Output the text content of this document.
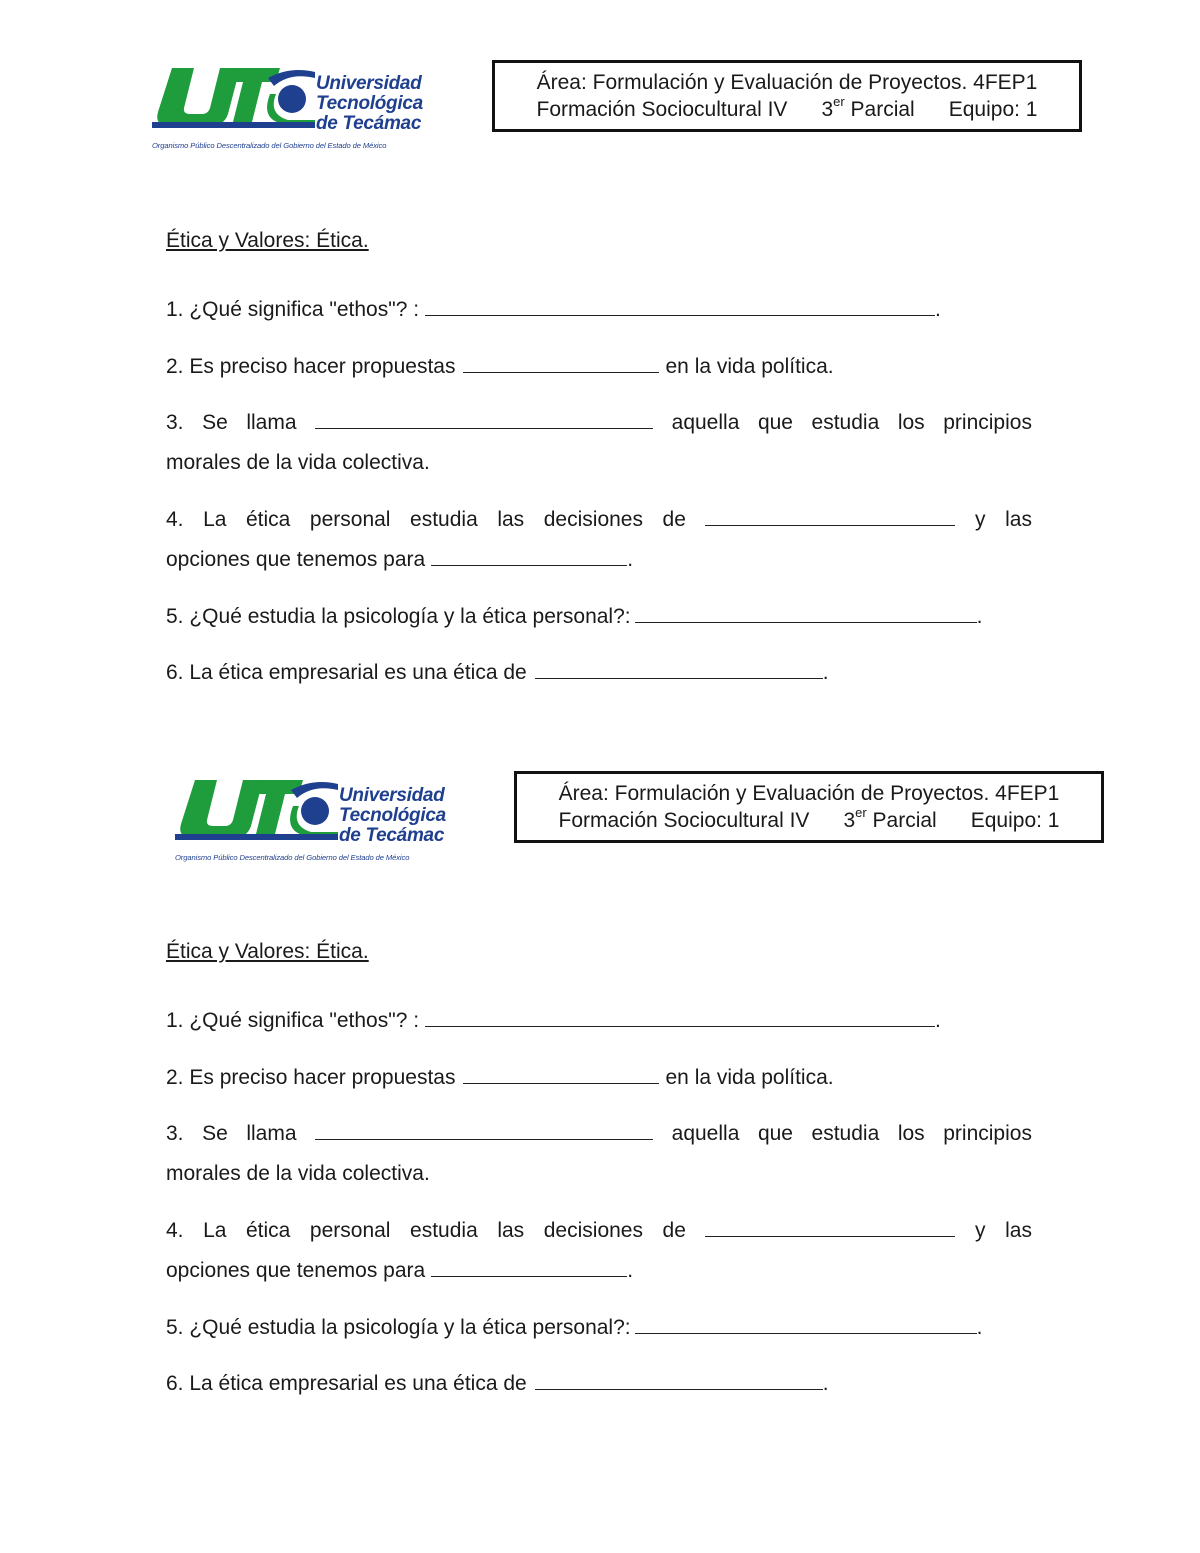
Universidad
Tecnológica
de Tecámac
Organismo Público Descentralizado del Gobierno del Estado de México
Área: Formulación y Evaluación de Proyectos. 4FEP1
Formación Sociocultural IV 3er Parcial Equipo: 1
Ética y Valores: Ética.
1. ¿Qué significa "ethos"? :	.
2. Es preciso hacer propuestas	en la vida política.
3. Se llama	aquella que estudia los principios
morales de la vida colectiva.
4. La ética personal estudia las decisiones de	y las
opciones que tenemos para	.
5. ¿Qué estudia la psicología y la ética personal?:	.
6. La ética empresarial es una ética de	.
Universidad
Tecnológica
de Tecámac
Organismo Público Descentralizado del Gobierno del Estado de México
Área: Formulación y Evaluación de Proyectos. 4FEP1
Formación Sociocultural IV 3er Parcial Equipo: 1
Ética y Valores: Ética.
1. ¿Qué significa "ethos"? :	.
2. Es preciso hacer propuestas	en la vida política.
3. Se llama	aquella que estudia los principios
morales de la vida colectiva.
4. La ética personal estudia las decisiones de	y las
opciones que tenemos para	.
5. ¿Qué estudia la psicología y la ética personal?:	.
6. La ética empresarial es una ética de	.
